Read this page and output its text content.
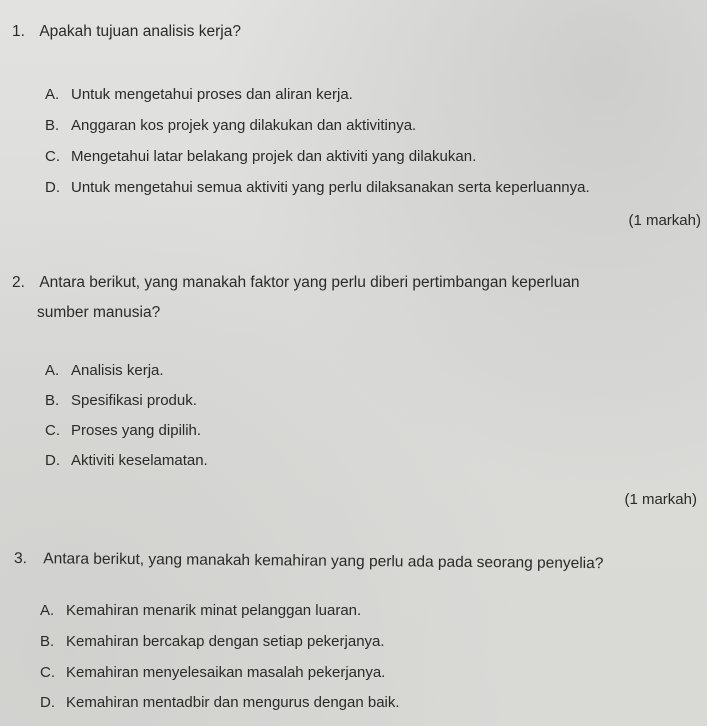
1. Apakah tujuan analisis kerja?
A. Untuk mengetahui proses dan aliran kerja.
B. Anggaran kos projek yang dilakukan dan aktivitinya.
C. Mengetahui latar belakang projek dan aktiviti yang dilakukan.
D. Untuk mengetahui semua aktiviti yang perlu dilaksanakan serta keperluannya.
(1 markah)
2. Antara berikut, yang manakah faktor yang perlu diberi pertimbangan keperluan
sumber manusia?
A. Analisis kerja.
B. Spesifikasi produk.
C. Proses yang dipilih.
D. Aktiviti keselamatan.
(1 markah)
3. Antara berikut, yang manakah kemahiran yang perlu ada pada seorang penyelia?
A. Kemahiran menarik minat pelanggan luaran.
B. Kemahiran bercakap dengan setiap pekerjanya.
C. Kemahiran menyelesaikan masalah pekerjanya.
D. Kemahiran mentadbir dan mengurus dengan baik.
